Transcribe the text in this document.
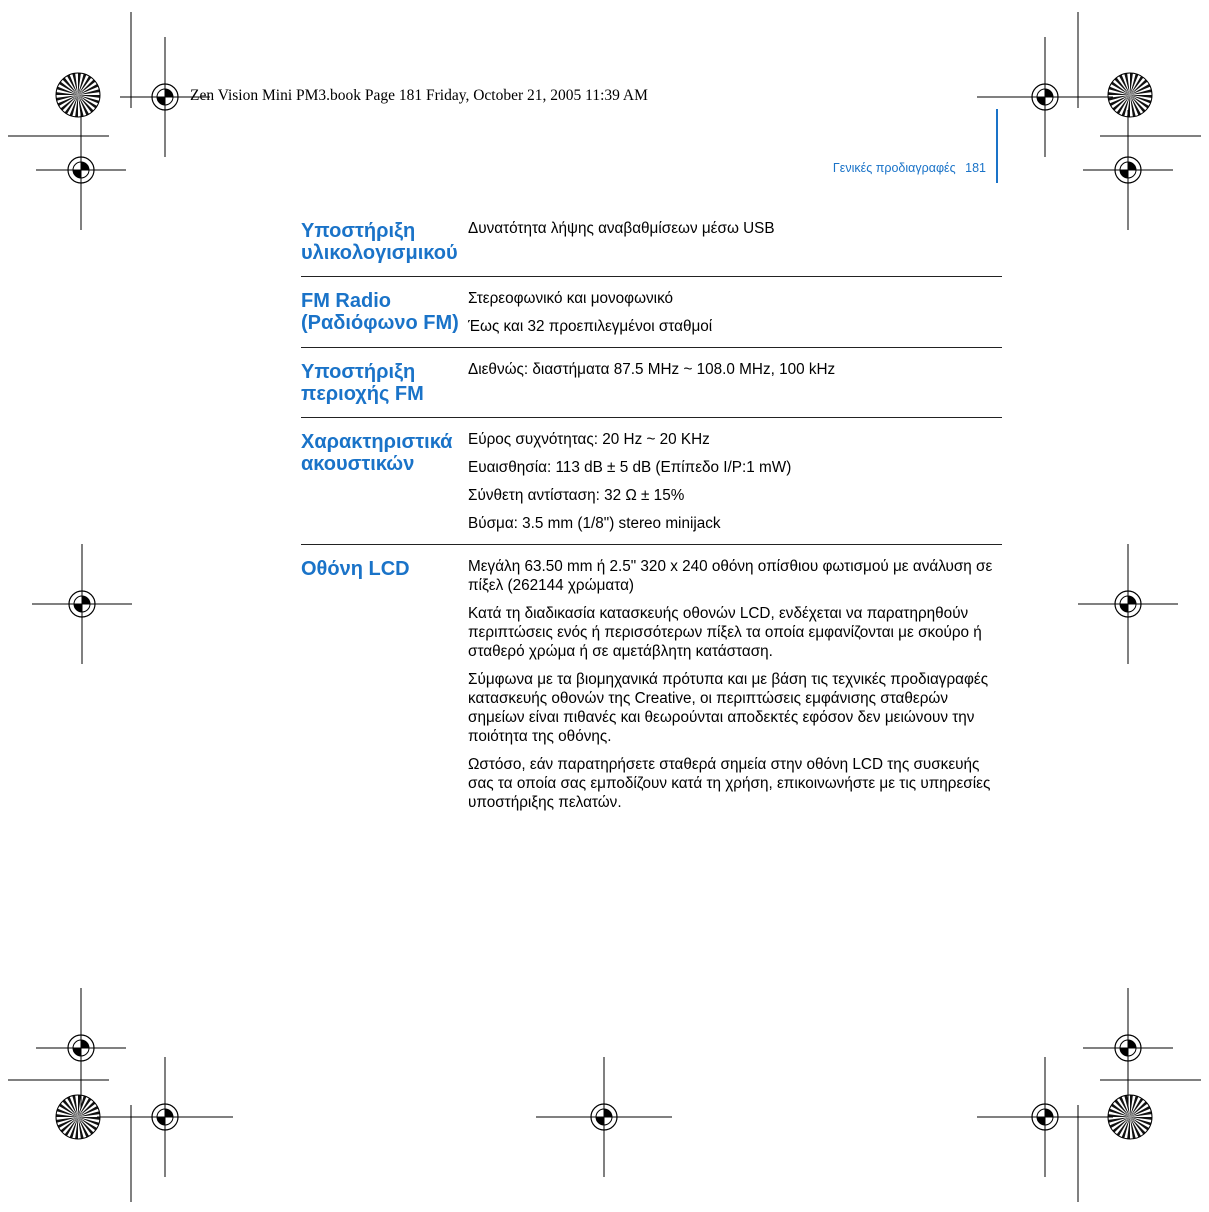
Zen Vision Mini PM3.book Page 181 Friday, October 21, 2005 11:39 AM
Γενικές προδιαγραφές 181
Υποστήριξη υλικολογισμικού

Δυνατότητα λήψης αναβαθμίσεων μέσω USB

FM Radio (Ραδιόφωνο FM)

Στερεοφωνικό και μονοφωνικό

Έως και 32 προεπιλεγμένοι σταθμοί

Υποστήριξη περιοχής FM

Διεθνώς: διαστήματα 87.5 MHz ~ 108.0 MHz, 100 kHz

Χαρακτηριστικά ακουστικών

Εύρος συχνότητας: 20 Hz ~ 20 KHz

Ευαισθησία: 113 dB ± 5 dB (Επίπεδο I/P:1 mW)

Σύνθετη αντίσταση: 32 Ω ± 15%

Βύσμα: 3.5 mm (1/8") stereo minijack

Οθόνη LCD	Μεγάλη 63.50 mm ή 2.5" 320 x 240 οθόνη οπίσθιου φωτισμού με ανάλυση σε πίξελ (262144 χρώματα)

Κατά τη διαδικασία κατασκευής οθονών LCD, ενδέχεται να παρατηρηθούν περιπτώσεις ενός ή περισσότερων πίξελ τα οποία εμφανίζονται με σκούρο ή σταθερό χρώμα ή σε αμετάβλητη κατάσταση.

Σύμφωνα με τα βιομηχανικά πρότυπα και με βάση τις τεχνικές προδιαγραφές κατασκευής οθονών της Creative, οι περιπτώσεις εμφάνισης σταθερών σημείων είναι πιθανές και θεωρούνται αποδεκτές εφόσον δεν μειώνουν την ποιότητα της οθόνης.

Ωστόσο, εάν παρατηρήσετε σταθερά σημεία στην οθόνη LCD της συσκευής σας τα οποία σας εμποδίζουν κατά τη χρήση, επικοινωνήστε με τις υπηρεσίες υποστήριξης πελατών.
